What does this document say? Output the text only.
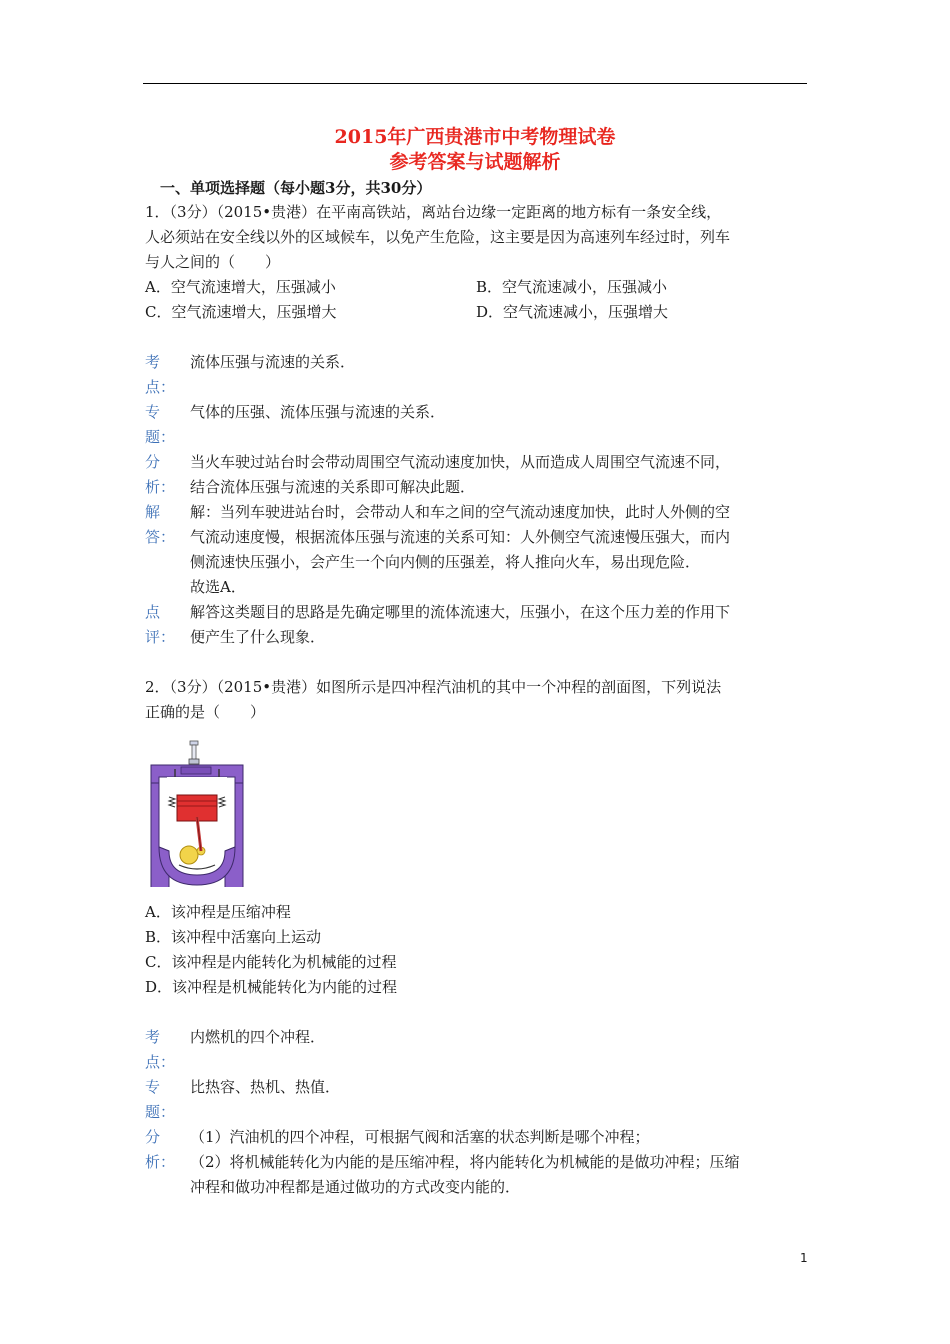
2015年广西贵港市中考物理试卷
参考答案与试题解析
一、单项选择题（每小题3分，共30分）
1．（3分）（2015•贵港）在平南高铁站，离站台边缘一定距离的地方标有一条安全线，
人必须站在安全线以外的区域候车，以免产生危险，这主要是因为高速列车经过时，列车
与人之间的（　　）
A．空气流速增大，压强减小	B．空气流速减小，压强减小
C．空气流速增大，压强增大	D．空气流速减小，压强增大
考
点：
流体压强与流速的关系．
专
题：
气体的压强、流体压强与流速的关系．
分
析：
当火车驶过站台时会带动周围空气流动速度加快，从而造成人周围空气流速不同，
结合流体压强与流速的关系即可解决此题．
解
答：
解：当列车驶进站台时，会带动人和车之间的空气流动速度加快，此时人外侧的空
气流动速度慢，根据流体压强与流速的关系可知：人外侧空气流速慢压强大，而内
侧流速快压强小，会产生一个向内侧的压强差，将人推向火车，易出现危险．
故选A．
点
评：
解答这类题目的思路是先确定哪里的流体流速大，压强小，在这个压力差的作用下
便产生了什么现象．
2．（3分）（2015•贵港）如图所示是四冲程汽油机的其中一个冲程的剖面图，下列说法
正确的是（　　）
A．该冲程是压缩冲程
B．该冲程中活塞向上运动
C．该冲程是内能转化为机械能的过程
D．该冲程是机械能转化为内能的过程
考
点：
内燃机的四个冲程．
专
题：
比热容、热机、热值．
分
析：
（1）汽油机的四个冲程，可根据气阀和活塞的状态判断是哪个冲程；
（2）将机械能转化为内能的是压缩冲程，将内能转化为机械能的是做功冲程；压缩
冲程和做功冲程都是通过做功的方式改变内能的．
1
